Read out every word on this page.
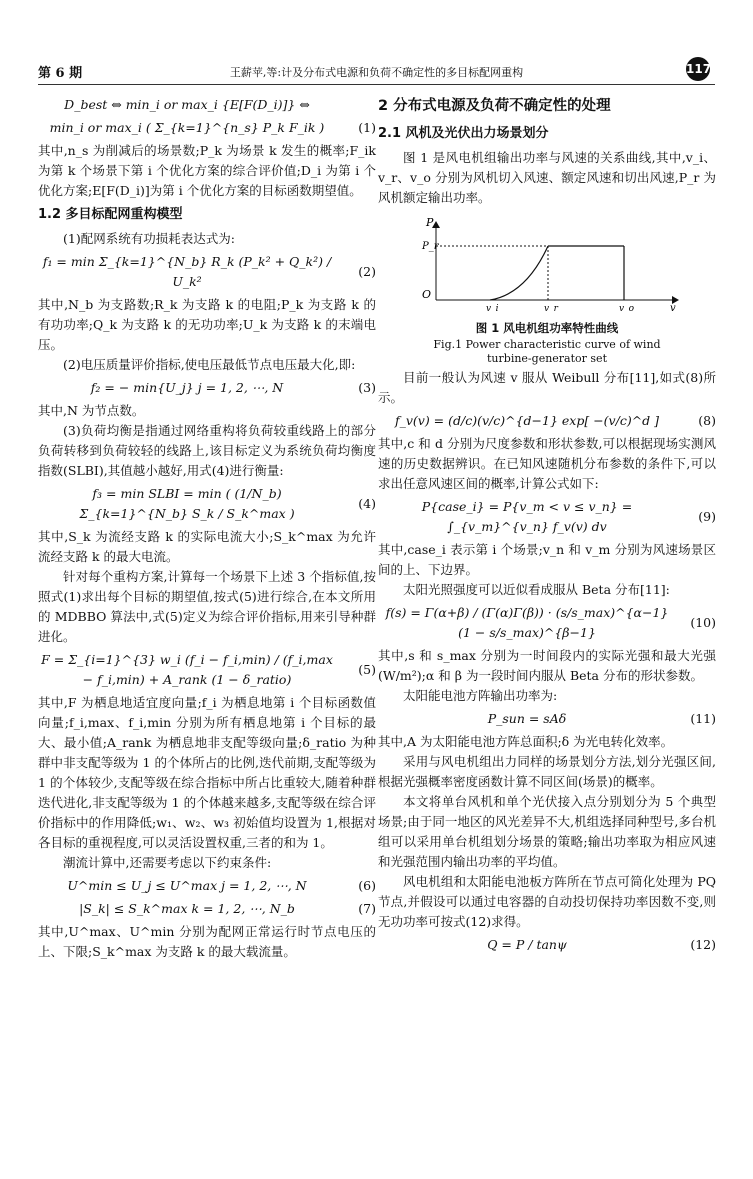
第 6 期	王薪苹,等:计及分布式电源和负荷不确定性的多目标配网重构	117
D_best ⇔ min_i or max_i {E[F(D_i)]} ⇔
min_i or max_i ( Σ_{k=1}^{n_s} P_k F_ik )	(1)

其中,n_s 为削减后的场景数;P_k 为场景 k 发生的概率;F_ik 为第 k 个场景下第 i 个优化方案的综合评价值;D_i 为第 i 个优化方案;E[F(D_i)]为第 i 个优化方案的目标函数期望值。

1.2 多目标配网重构模型

(1)配网系统有功损耗表达式为:

f₁ = min Σ_{k=1}^{N_b} R_k (P_k² + Q_k²) / U_k²
(2)

其中,N_b 为支路数;R_k 为支路 k 的电阻;P_k 为支路 k 的有功功率;Q_k 为支路 k 的无功功率;U_k 为支路 k 的末端电压。

(2)电压质量评价指标,使电压最低节点电压最大化,即:

f₂ = − min{U_j} j = 1, 2, ⋯, N	(3)

其中,N 为节点数。

(3)负荷均衡是指通过网络重构将负荷较重线路上的部分负荷转移到负荷较轻的线路上,该目标定义为系统负荷均衡度指数(SLBI),其值越小越好,用式(4)进行衡量:

f₃ = min SLBI = min ( (1/N_b) Σ_{k=1}^{N_b} S_k / S_k^max )
(4)

其中,S_k 为流经支路 k 的实际电流大小;S_k^max 为允许流经支路 k 的最大电流。

针对每个重构方案,计算每一个场景下上述 3 个指标值,按照式(1)求出每个目标的期望值,按式(5)进行综合,在本文所用的 MDBBO 算法中,式(5)定义为综合评价指标,用来引导种群进化。

F = Σ_{i=1}^{3} w_i (f_i − f_i,min) / (f_i,max − f_i,min) + A_rank (1 − δ_ratio)
(5)

其中,F 为栖息地适宜度向量;f_i 为栖息地第 i 个目标函数值向量;f_i,max、f_i,min 分别为所有栖息地第 i 个目标的最大、最小值;A_rank 为栖息地非支配等级向量;δ_ratio 为种群中非支配等级为 1 的个体所占的比例,迭代前期,支配等级为 1 的个体较少,支配等级在综合指标中所占比重较大,随着种群迭代进化,非支配等级为 1 的个体越来越多,支配等级在综合评价指标中的作用降低;w₁、w₂、w₃ 初始值均设置为 1,根据对各目标的重视程度,可以灵活设置权重,三者的和为 1。

潮流计算中,还需要考虑以下约束条件:

U^min ≤ U_j ≤ U^max j = 1, 2, ⋯, N	(6)
|S_k| ≤ S_k^max k = 1, 2, ⋯, N_b	(7)

其中,U^max、U^min 分别为配网正常运行时节点电压的上、下限;S_k^max 为支路 k 的最大载流量。

2 分布式电源及负荷不确定性的处理
2.1 风机及光伏出力场景划分

图 1 是风电机组输出功率与风速的关系曲线,其中,v_i、v_r、v_o 分别为风机切入风速、额定风速和切出风速,P_r 为风机额定输出功率。

P
P_r
O
v_i	v_r	v_o	v
图 1 风电机组功率特性曲线
Fig.1 Power characteristic curve of wind
turbine-generator set

目前一般认为风速 v 服从 Weibull 分布[11],如式(8)所示。

f_v(v) = (d/c)(v/c)^{d−1} exp[ −(v/c)^d ]	(8)

其中,c 和 d 分别为尺度参数和形状参数,可以根据现场实测风速的历史数据辨识。在已知风速随机分布参数的条件下,可以求出任意风速区间的概率,计算公式如下:

P{case_i} = P{v_m < v ≤ v_n} = ∫_{v_m}^{v_n} f_v(v) dv
(9)

其中,case_i 表示第 i 个场景;v_n 和 v_m 分别为风速场景区间的上、下边界。

太阳光照强度可以近似看成服从 Beta 分布[11]:

f(s) = Γ(α+β) / (Γ(α)Γ(β)) · (s/s_max)^{α−1} (1 − s/s_max)^{β−1}
(10)

其中,s 和 s_max 分别为一时间段内的实际光强和最大光强(W/m²);α 和 β 为一段时间内服从 Beta 分布的形状参数。

太阳能电池方阵输出功率为:

P_sun = sAδ	(11)

其中,A 为太阳能电池方阵总面积;δ 为光电转化效率。

采用与风电机组出力同样的场景划分方法,划分光强区间,根据光强概率密度函数计算不同区间(场景)的概率。

本文将单台风机和单个光伏接入点分别划分为 5 个典型场景;由于同一地区的风光差异不大,机组选择同种型号,多台机组可以采用单台机组划分场景的策略;输出功率取为相应风速和光强范围内输出功率的平均值。

风电机组和太阳能电池板方阵所在节点可简化处理为 PQ 节点,并假设可以通过电容器的自动投切保持功率因数不变,则无功功率可按式(12)求得。

Q = P / tanψ	(12)
